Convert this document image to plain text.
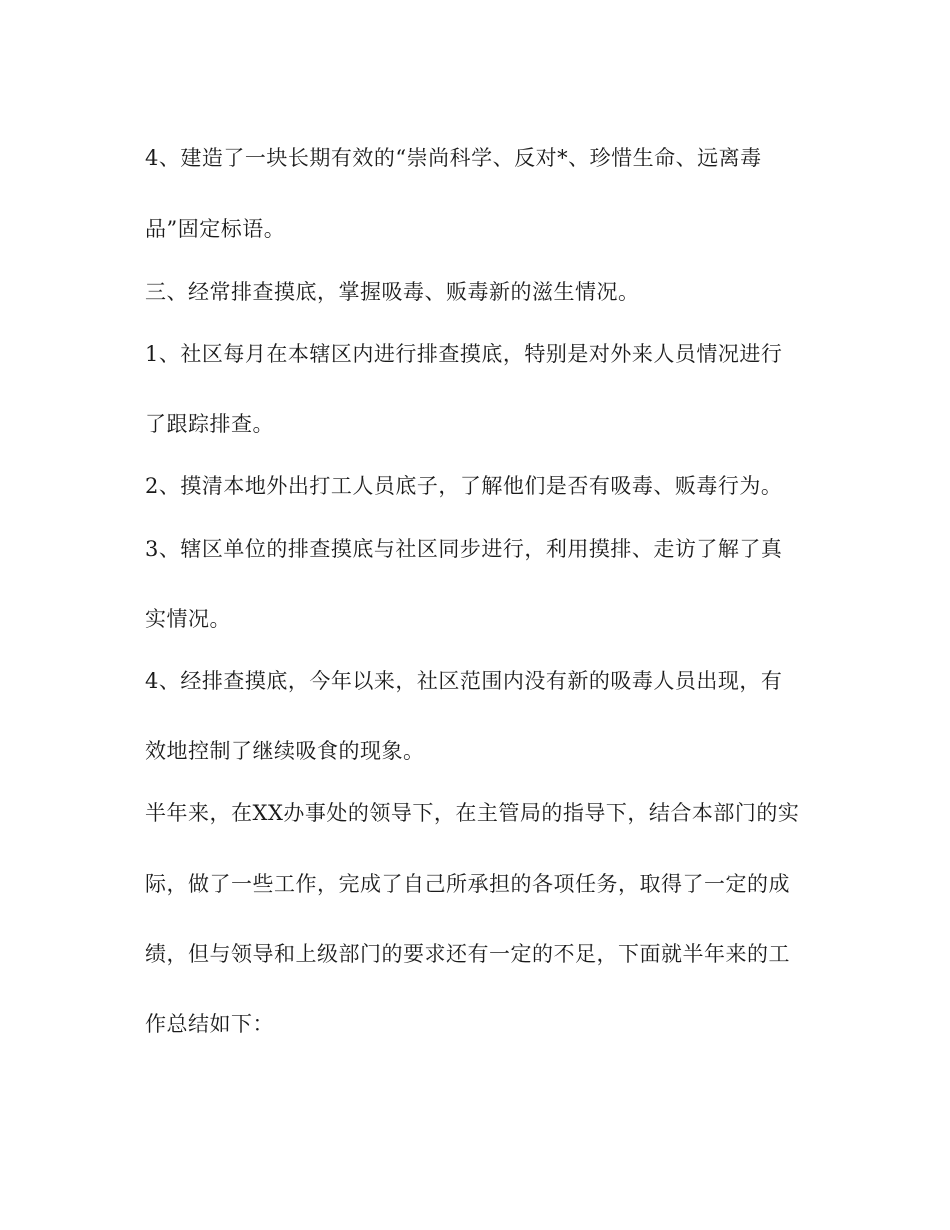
4、建造了一块长期有效的“崇尚科学、反对*、珍惜生命、远离毒
品”固定标语。
三、经常排查摸底，掌握吸毒、贩毒新的滋生情况。
1、社区每月在本辖区内进行排查摸底，特别是对外来人员情况进行
了跟踪排查。
2、摸清本地外出打工人员底子，了解他们是否有吸毒、贩毒行为。
3、辖区单位的排查摸底与社区同步进行，利用摸排、走访了解了真
实情况。
4、经排查摸底，今年以来，社区范围内没有新的吸毒人员出现，有
效地控制了继续吸食的现象。
半年来，在XX办事处的领导下，在主管局的指导下，结合本部门的实
际，做了一些工作，完成了自己所承担的各项任务，取得了一定的成
绩，但与领导和上级部门的要求还有一定的不足，下面就半年来的工
作总结如下：
